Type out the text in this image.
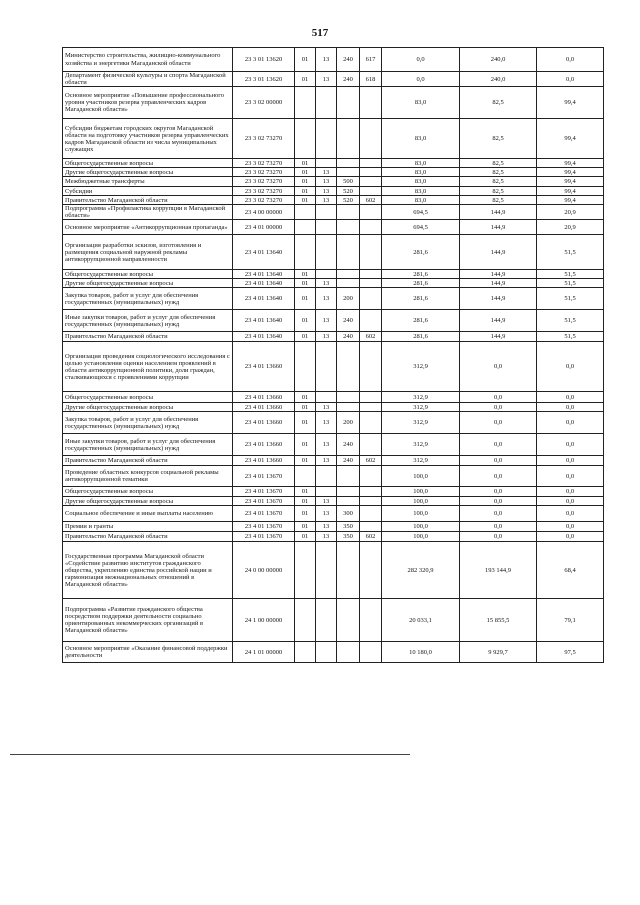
517
Министерство строительства, жилищно-коммунального хозяйства и энергетики Магаданской области	23 3 01 13620	01	13	240	617	0,0	240,0	0,0
Департамент физической культуры и спорта Магаданской области	23 3 01 13620	01	13	240	618	0,0	240,0	0,0
Основное мероприятие «Повышение профессионального уровня участников резерва управленческих кадров Магаданской области»	23 3 02 00000					83,0	82,5	99,4
Субсидии бюджетам городских округов Магаданской области на подготовку участников резерва управленческих кадров Магаданской области из числа муниципальных служащих	23 3 02 73270					83,0	82,5	99,4
Общегосударственные вопросы	23 3 02 73270	01				83,0	82,5	99,4
Другие общегосударственные вопросы	23 3 02 73270	01	13			83,0	82,5	99,4
Межбюджетные трансферты	23 3 02 73270	01	13	500		83,0	82,5	99,4
Субсидии	23 3 02 73270	01	13	520		83,0	82,5	99,4
Правительство Магаданской области	23 3 02 73270	01	13	520	602	83,0	82,5	99,4
Подпрограмма «Профилактика коррупции в Магаданской области»	23 4 00 00000					694,5	144,9	20,9
Основное мероприятие «Антикоррупционная пропаганда»	23 4 01 00000					694,5	144,9	20,9
Организация разработки эскизов, изготовления и размещения социальной наружной рекламы антикоррупционной направленности	23 4 01 13640					281,6	144,9	51,5
Общегосударственные вопросы	23 4 01 13640	01				281,6	144,9	51,5
Другие общегосударственные вопросы	23 4 01 13640	01	13			281,6	144,9	51,5
Закупка товаров, работ и услуг для обеспечения государственных (муниципальных) нужд	23 4 01 13640	01	13	200		281,6	144,9	51,5
Иные закупки товаров, работ и услуг для обеспечения государственных (муниципальных) нужд	23 4 01 13640	01	13	240		281,6	144,9	51,5
Правительство Магаданской области	23 4 01 13640	01	13	240	602	281,6	144,9	51,5
Организация проведения социологического исследования с целью установления оценки населением проявлений в области антикоррупционной политики, доли граждан, сталкивающихся с проявлениями коррупции	23 4 01 13660					312,9	0,0	0,0
Общегосударственные вопросы	23 4 01 13660	01				312,9	0,0	0,0
Другие общегосударственные вопросы	23 4 01 13660	01	13			312,9	0,0	0,0
Закупка товаров, работ и услуг для обеспечения государственных (муниципальных) нужд	23 4 01 13660	01	13	200		312,9	0,0	0,0
Иные закупки товаров, работ и услуг для обеспечения государственных (муниципальных) нужд	23 4 01 13660	01	13	240		312,9	0,0	0,0
Правительство Магаданской области	23 4 01 13660	01	13	240	602	312,9	0,0	0,0
Проведение областных конкурсов социальной рекламы антикоррупционной тематики	23 4 01 13670					100,0	0,0	0,0
Общегосударственные вопросы	23 4 01 13670	01				100,0	0,0	0,0
Другие общегосударственные вопросы	23 4 01 13670	01	13			100,0	0,0	0,0
Социальное обеспечение и иные выплаты населению	23 4 01 13670	01	13	300		100,0	0,0	0,0
Премии и гранты	23 4 01 13670	01	13	350		100,0	0,0	0,0
Правительство Магаданской области	23 4 01 13670	01	13	350	602	100,0	0,0	0,0
Государственная программа Магаданской области «Содействие развитию институтов гражданского общества, укреплению единства российской нации и гармонизация межнациональных отношений в Магаданской области»	24 0 00 00000					282 320,9	193 144,9	68,4
Подпрограмма «Развитие гражданского общества посредством поддержки деятельности социально ориентированных некоммерческих организаций в Магаданской области»	24 1 00 00000					20 033,1	15 855,5	79,1
Основное мероприятие «Оказание финансовой поддержки деятельности	24 1 01 00000					10 180,0	9 929,7	97,5
